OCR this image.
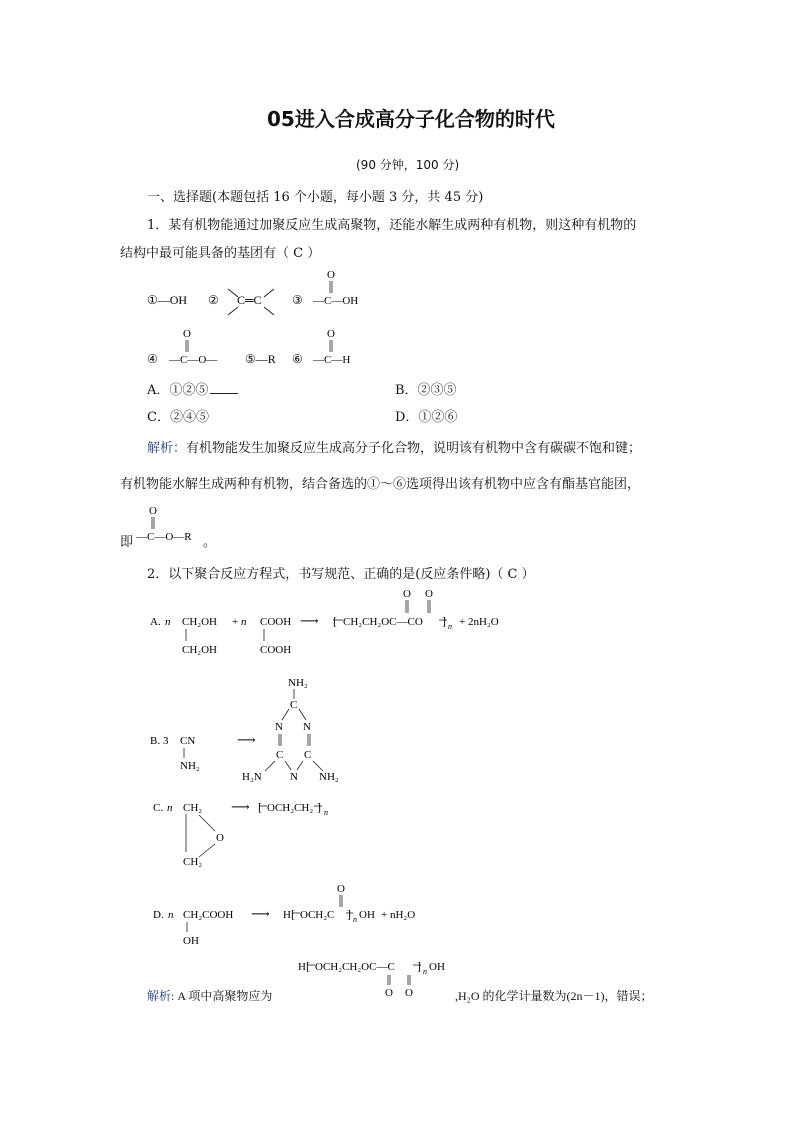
05进入合成高分子化合物的时代
(90 分钟，100 分)
一、选择题(本题包括 16 个小题，每小题 3 分，共 45 分)
1．某有机物能通过加聚反应生成高聚物，还能水解生成两种有机物，则这种有机物的
结构中最可能具备的基团有（ C ）
①—OH ② C═C	③
O
—C—OH
④
O
—C—O— ⑤—R ⑥
O
—C—H
A．①②⑤	B．②③⑤
C．②④⑤	D．①②⑥
解析：有机物能发生加聚反应生成高分子化合物，说明该有机物中含有碳碳不饱和键；
有机物能水解生成两种有机物，结合备选的①～⑥选项得出该有机物中应含有酯基官能团，
即
O
—C—O—R 。
2．以下聚合反应方程式，书写规范、正确的是(反应条件略)（ C ）
A. n CH₂OH
CH₂OH
+ n COOH
COOH
⟶ [ CH₂CH₂OC—CO
O O
] n + 2nH₂O
B. 3 CN
NH₂
⟶
NH₂
C
N N
C C
N
H₂N	NH₂
C. n CH₂
O
CH₂
⟶ [ OCH₂CH₂ ] n
D. n CH₂COOH
OH
⟶ H [ OCH₂C
O
] n OH + nH₂O
H [ OCH₂CH₂OC—C
O O
] n OH
解析: A 项中高聚物应为	,H₂O 的化学计量数为(2n－1)，错误；
